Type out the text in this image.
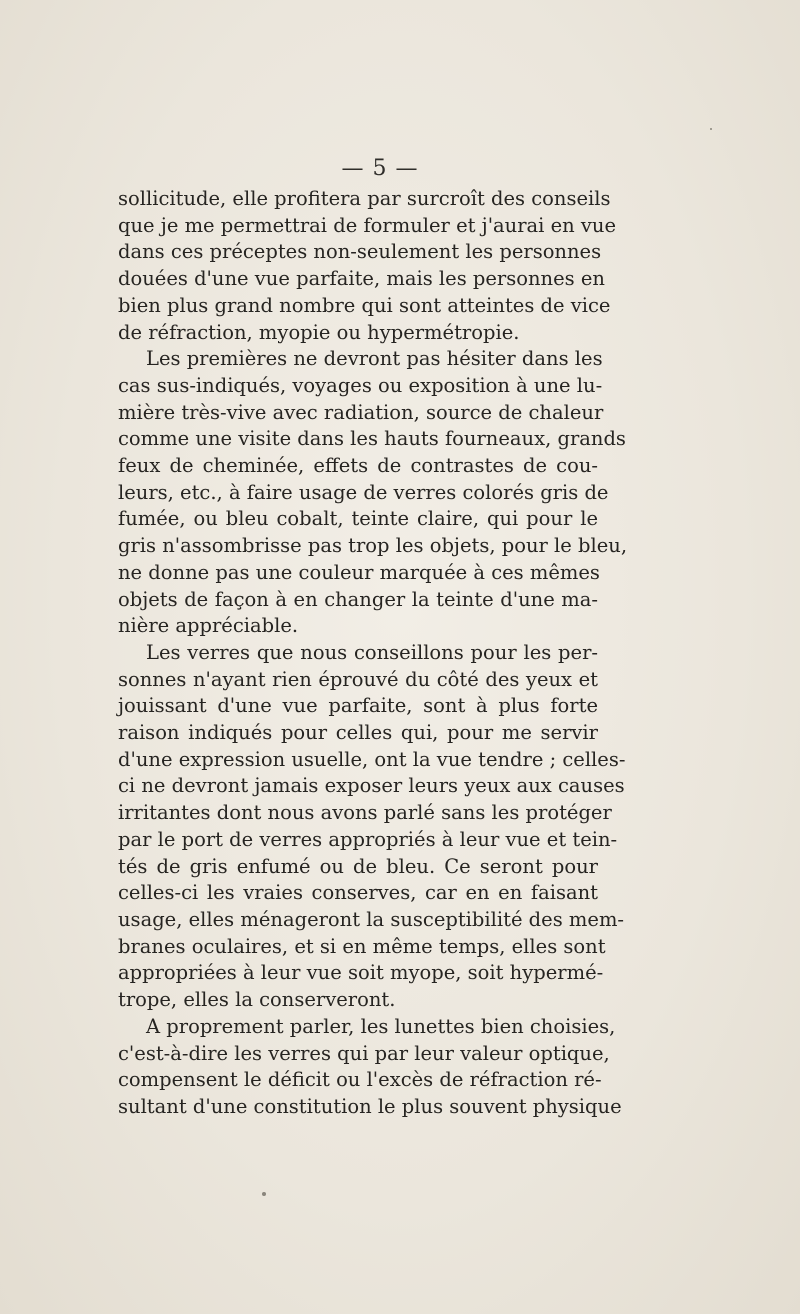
— 5 —
sollicitude, elle profitera par surcroît des conseils
que je me permettrai de formuler et j'aurai en vue
dans ces préceptes non-seulement les personnes
douées d'une vue parfaite, mais les personnes en
bien plus grand nombre qui sont atteintes de vice
de réfraction, myopie ou hypermétropie.
Les premières ne devront pas hésiter dans les
cas sus-indiqués, voyages ou exposition à une lu-
mière très-vive avec radiation, source de chaleur
comme une visite dans les hauts fourneaux, grands
feux de cheminée, effets de contrastes de cou-
leurs, etc., à faire usage de verres colorés gris de
fumée, ou bleu cobalt, teinte claire, qui pour le
gris n'assombrisse pas trop les objets, pour le bleu,
ne donne pas une couleur marquée à ces mêmes
objets de façon à en changer la teinte d'une ma-
nière appréciable.
Les verres que nous conseillons pour les per-
sonnes n'ayant rien éprouvé du côté des yeux et
jouissant d'une vue parfaite, sont à plus forte
raison indiqués pour celles qui, pour me servir
d'une expression usuelle, ont la vue tendre ; celles-
ci ne devront jamais exposer leurs yeux aux causes
irritantes dont nous avons parlé sans les protéger
par le port de verres appropriés à leur vue et tein-
tés de gris enfumé ou de bleu. Ce seront pour
celles-ci les vraies conserves, car en en faisant
usage, elles ménageront la susceptibilité des mem-
branes oculaires, et si en même temps, elles sont
appropriées à leur vue soit myope, soit hypermé-
trope, elles la conserveront.
A proprement parler, les lunettes bien choisies,
c'est-à-dire les verres qui par leur valeur optique,
compensent le déficit ou l'excès de réfraction ré-
sultant d'une constitution le plus souvent physique
